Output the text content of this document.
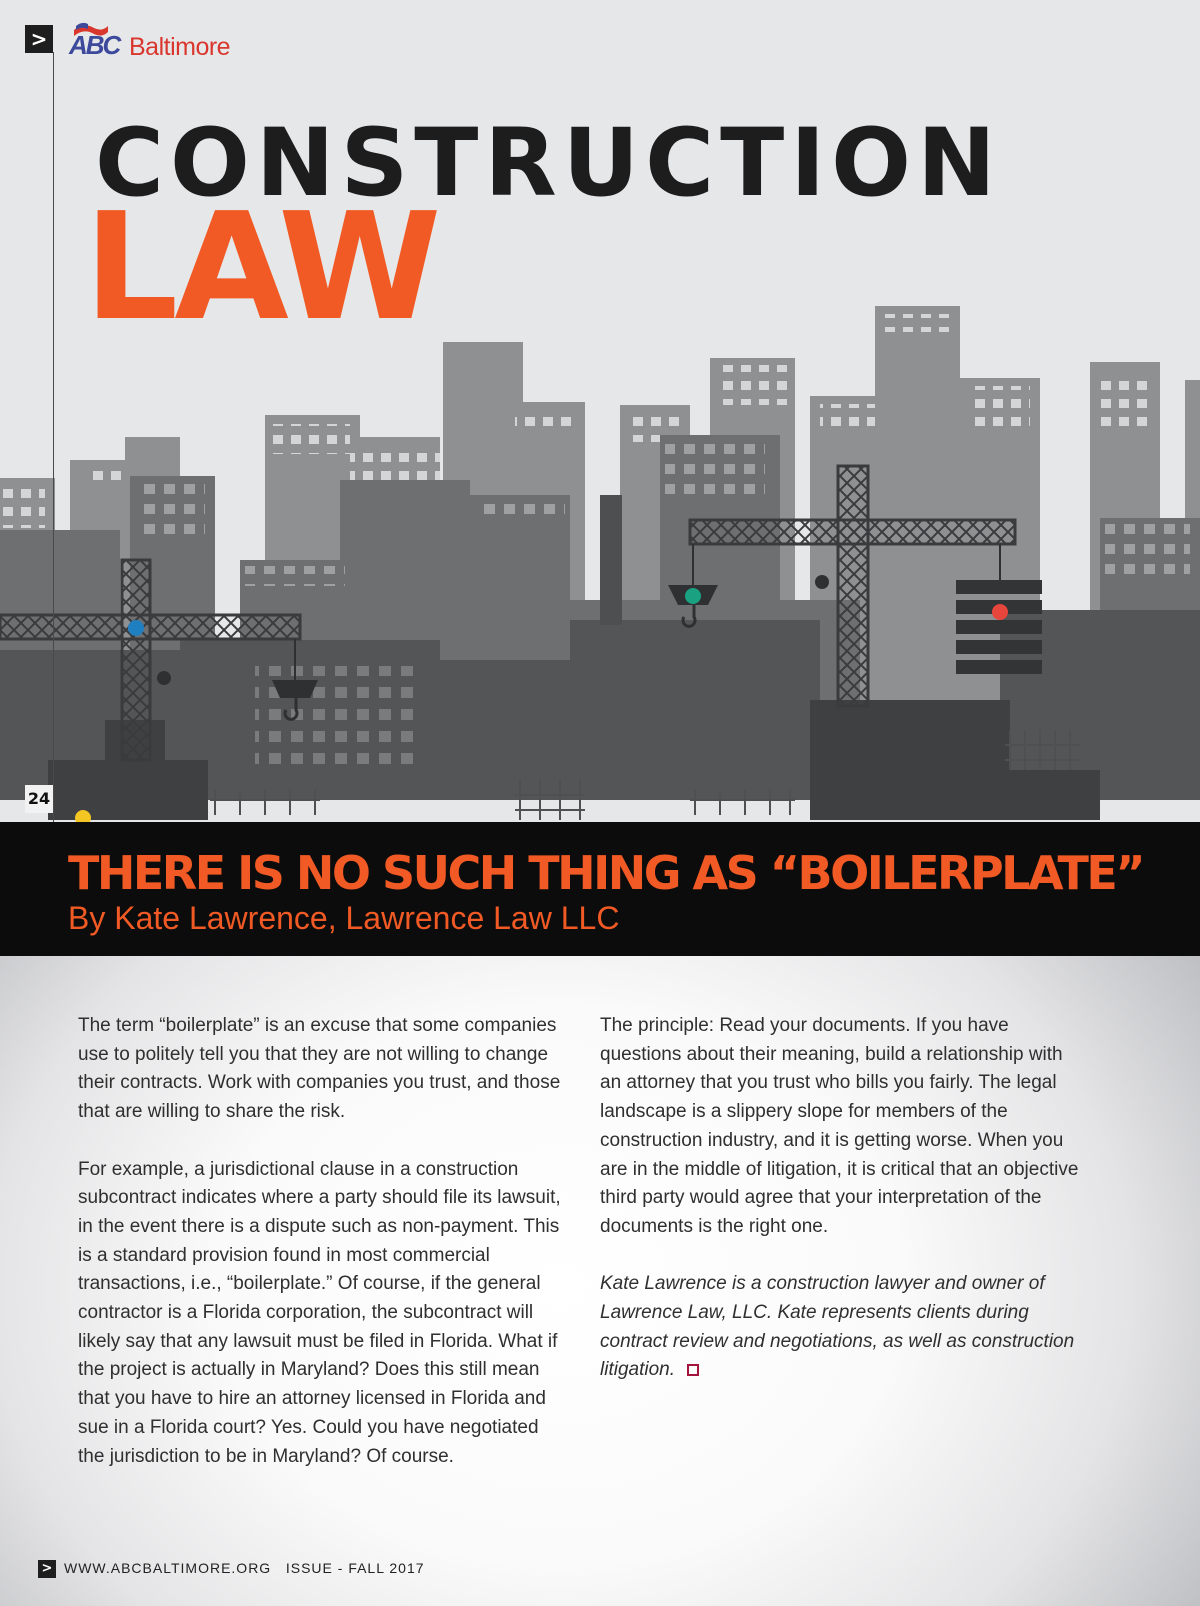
> ABC Baltimore
CONSTRUCTION
LAW
24
THERE IS NO SUCH THING AS “BOILERPLATE”
By Kate Lawrence, Lawrence Law LLC

The term “boilerplate” is an excuse that some companies use to politely tell you that they are not willing to change their contracts. Work with companies you trust, and those that are willing to share the risk.

For example, a jurisdictional clause in a construction subcontract indicates where a party should file its lawsuit, in the event there is a dispute such as non-payment. This is a standard provision found in most commercial transactions, i.e., “boilerplate.” Of course, if the general contractor is a Florida corporation, the subcontract will likely say that any lawsuit must be filed in Florida. What if the project is actually in Maryland? Does this still mean that you have to hire an attorney licensed in Florida and sue in a Florida court? Yes. Could you have negotiated the jurisdiction to be in Maryland? Of course.

The principle: Read your documents. If you have questions about their meaning, build a relationship with an attorney that you trust who bills you fairly. The legal landscape is a slippery slope for members of the construction industry, and it is getting worse. When you are in the middle of litigation, it is critical that an objective third party would agree that your interpretation of the documents is the right one.

Kate Lawrence is a construction lawyer and owner of Lawrence Law, LLC. Kate represents clients during contract review and negotiations, as well as construction litigation.

> WWW.ABCBALTIMORE.ORG   ISSUE - FALL 2017
